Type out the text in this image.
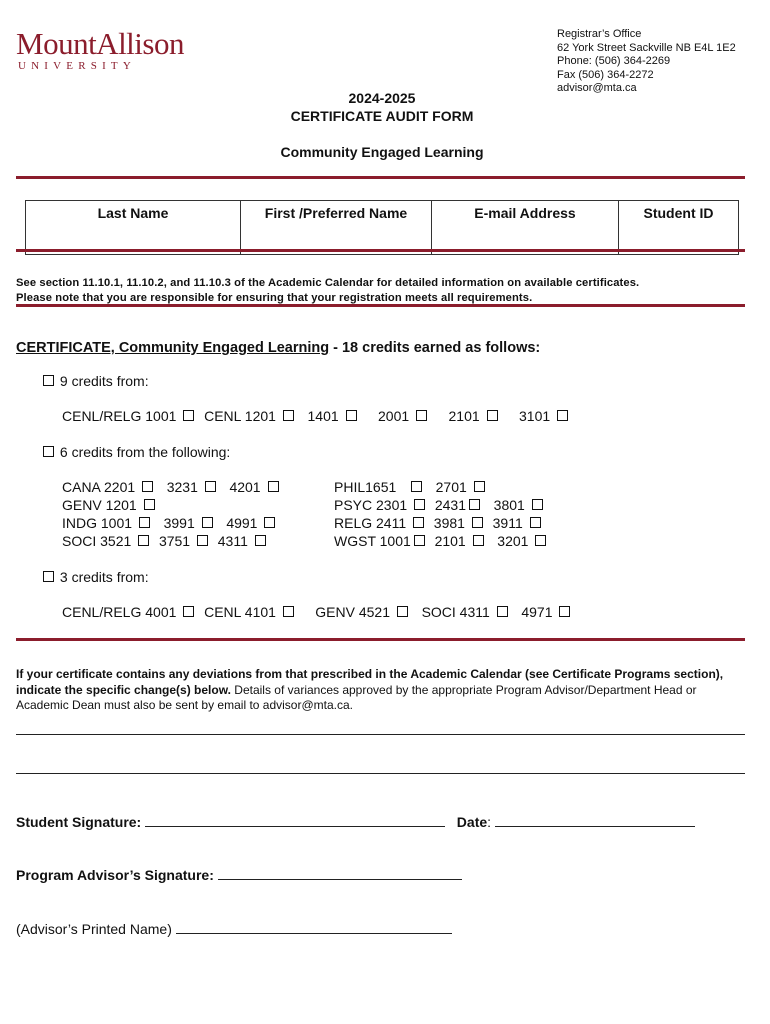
MountAllison
UNIVERSITY
Registrar’s Office
62 York Street Sackville NB E4L 1E2
Phone: (506) 364-2269
Fax (506) 364-2272
advisor@mta.ca
2024-2025
CERTIFICATE AUDIT FORM
Community Engaged Learning
Last Name	First /Preferred Name	E-mail Address	Student ID
See section 11.10.1, 11.10.2, and 11.10.3 of the Academic Calendar for detailed information on available certificates.
Please note that you are responsible for ensuring that your registration meets all requirements.
CERTIFICATE, Community Engaged Learning - 18 credits earned as follows:
9 credits from:
CENL/RELG 1001 CENL 1201 1401	2001	2101	3101
6 credits from the following:
CANA 2201 3231 4201
GENV 1201
INDG 1001 3991 4991
SOCI 3521 3751 4311
PHIL1651	2701
PSYC 2301 2431 3801
RELG 2411 3981 3911
WGST 1001 2101 3201
3 credits from:
CENL/RELG 4001 CENL 4101	GENV 4521 SOCI 4311 4971
If your certificate contains any deviations from that prescribed in the Academic Calendar (see Certificate Programs section), indicate the specific change(s) below. Details of variances approved by the appropriate Program Advisor/Department Head or Academic Dean must also be sent by email to advisor@mta.ca.
Student Signature:	Date:
Program Advisor’s Signature:
(Advisor’s Printed Name)
